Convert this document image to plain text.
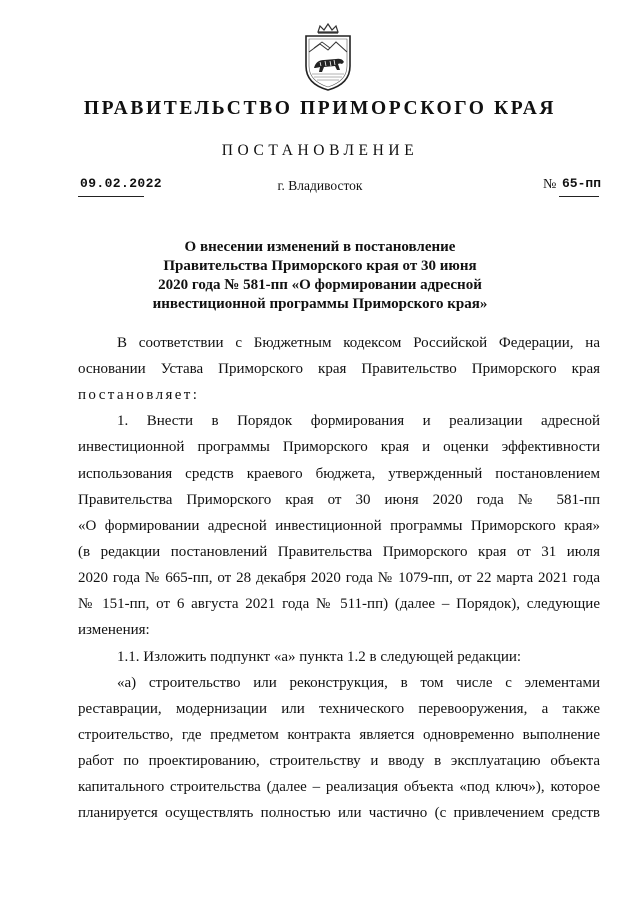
ПРАВИТЕЛЬСТВО ПРИМОРСКОГО КРАЯ
ПОСТАНОВЛЕНИЕ
09.02.2022	г. Владивосток	№ 65-пп
О внесении изменений в постановление
Правительства Приморского края от 30 июня
2020 года № 581-пп «О формировании адресной
инвестиционной программы Приморского края»
В соответствии с Бюджетным кодексом Российской Федерации, на
основании Устава Приморского края Правительство Приморского края
постановляет:
1. Внести в Порядок формирования и реализации адресной
инвестиционной программы Приморского края и оценки эффективности
использования средств краевого бюджета, утвержденный постановлением
Правительства Приморского края от 30 июня 2020 года № 581-пп
«О формировании адресной инвестиционной программы Приморского края»
(в редакции постановлений Правительства Приморского края от 31 июля
2020 года № 665-пп, от 28 декабря 2020 года № 1079-пп, от 22 марта 2021 года
№ 151-пп, от 6 августа 2021 года № 511-пп) (далее – Порядок), следующие
изменения:
1.1. Изложить подпункт «а» пункта 1.2 в следующей редакции:
«а) строительство или реконструкция, в том числе с элементами
реставрации, модернизации или технического перевооружения, а также
строительство, где предметом контракта является одновременно выполнение
работ по проектированию, строительству и вводу в эксплуатацию объекта
капитального строительства (далее – реализация объекта «под ключ»), которое
планируется осуществлять полностью или частично (с привлечением средств
